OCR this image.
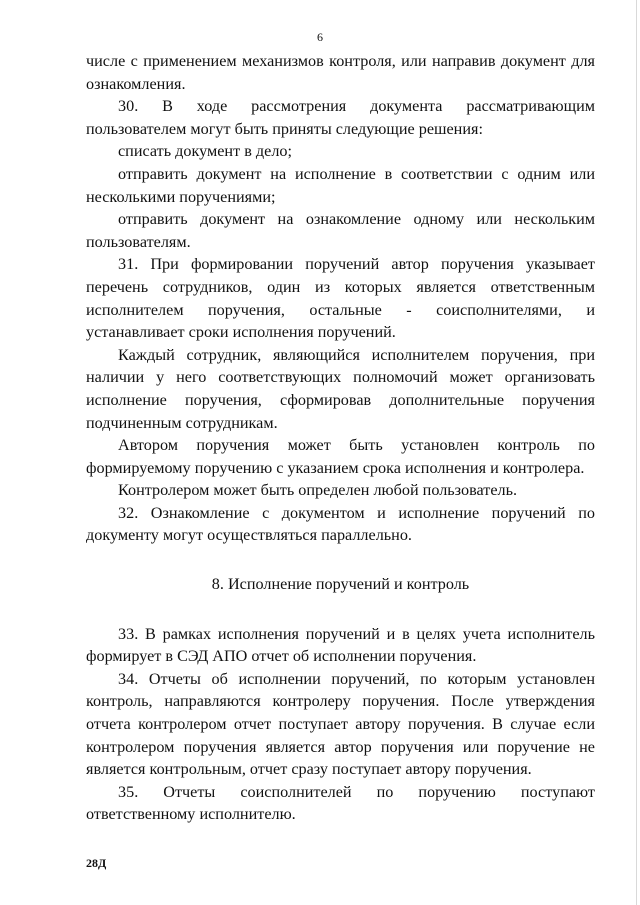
6

числе с применением механизмов контроля, или направив документ для ознакомления.

30. В ходе рассмотрения документа рассматривающим пользователем могут быть приняты следующие решения:

списать документ в дело;

отправить документ на исполнение в соответствии с одним или несколькими поручениями;

отправить документ на ознакомление одному или нескольким пользователям.

31. При формировании поручений автор поручения указывает перечень сотрудников, один из которых является ответственным исполнителем поручения, остальные - соисполнителями, и устанавливает сроки исполнения поручений.

Каждый сотрудник, являющийся исполнителем поручения, при наличии у него соответствующих полномочий может организовать исполнение поручения, сформировав дополнительные поручения подчиненным сотрудникам.

Автором поручения может быть установлен контроль по формируемому поручению с указанием срока исполнения и контролера.

Контролером может быть определен любой пользователь.

32. Ознакомление с документом и исполнение поручений по документу могут осуществляться параллельно.

8. Исполнение поручений и контроль

33. В рамках исполнения поручений и в целях учета исполнитель формирует в СЭД АПО отчет об исполнении поручения.

34. Отчеты об исполнении поручений, по которым установлен контроль, направляются контролеру поручения. После утверждения отчета контролером отчет поступает автору поручения. В случае если контролером поручения является автор поручения или поручение не является контрольным, отчет сразу поступает автору поручения.

35. Отчеты соисполнителей по поручению поступают ответственному исполнителю.

28Д
